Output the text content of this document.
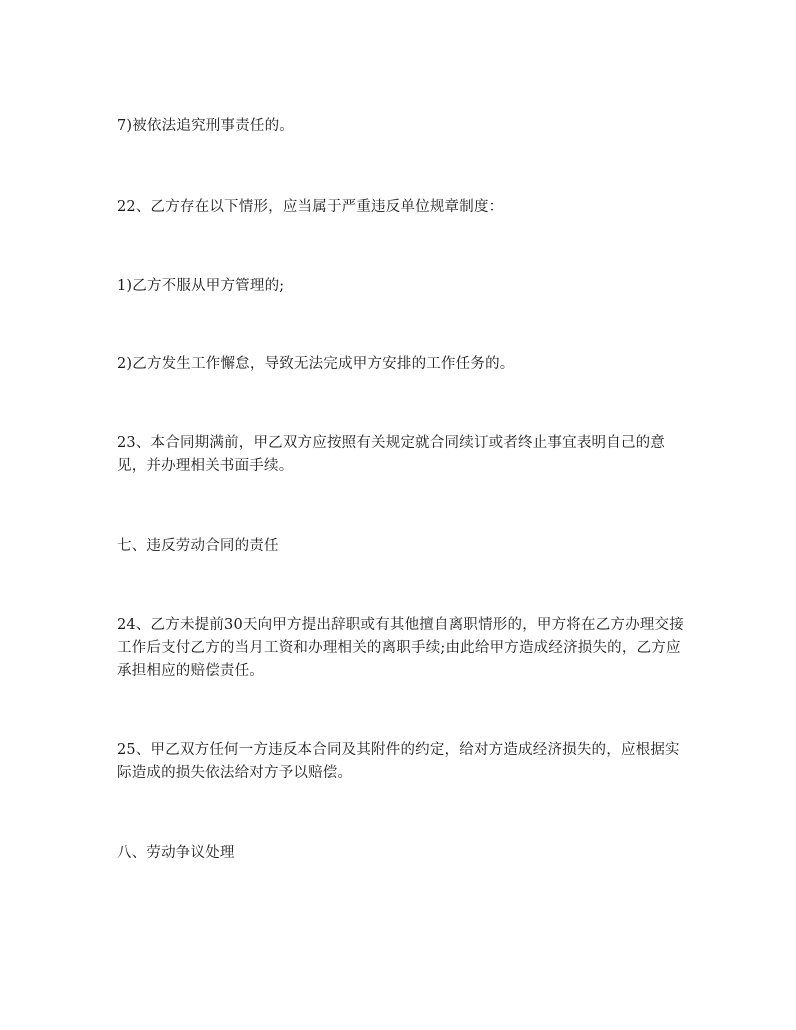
7)被依法追究刑事责任的。

22、乙方存在以下情形，应当属于严重违反单位规章制度：

1)乙方不服从甲方管理的;

2)乙方发生工作懈怠，导致无法完成甲方安排的工作任务的。

23、本合同期满前，甲乙双方应按照有关规定就合同续订或者终止事宜表明自己的意见，并办理相关书面手续。

七、违反劳动合同的责任

24、乙方未提前30天向甲方提出辞职或有其他擅自离职情形的，甲方将在乙方办理交接工作后支付乙方的当月工资和办理相关的离职手续;由此给甲方造成经济损失的，乙方应承担相应的赔偿责任。

25、甲乙双方任何一方违反本合同及其附件的约定，给对方造成经济损失的，应根据实际造成的损失依法给对方予以赔偿。

八、劳动争议处理
